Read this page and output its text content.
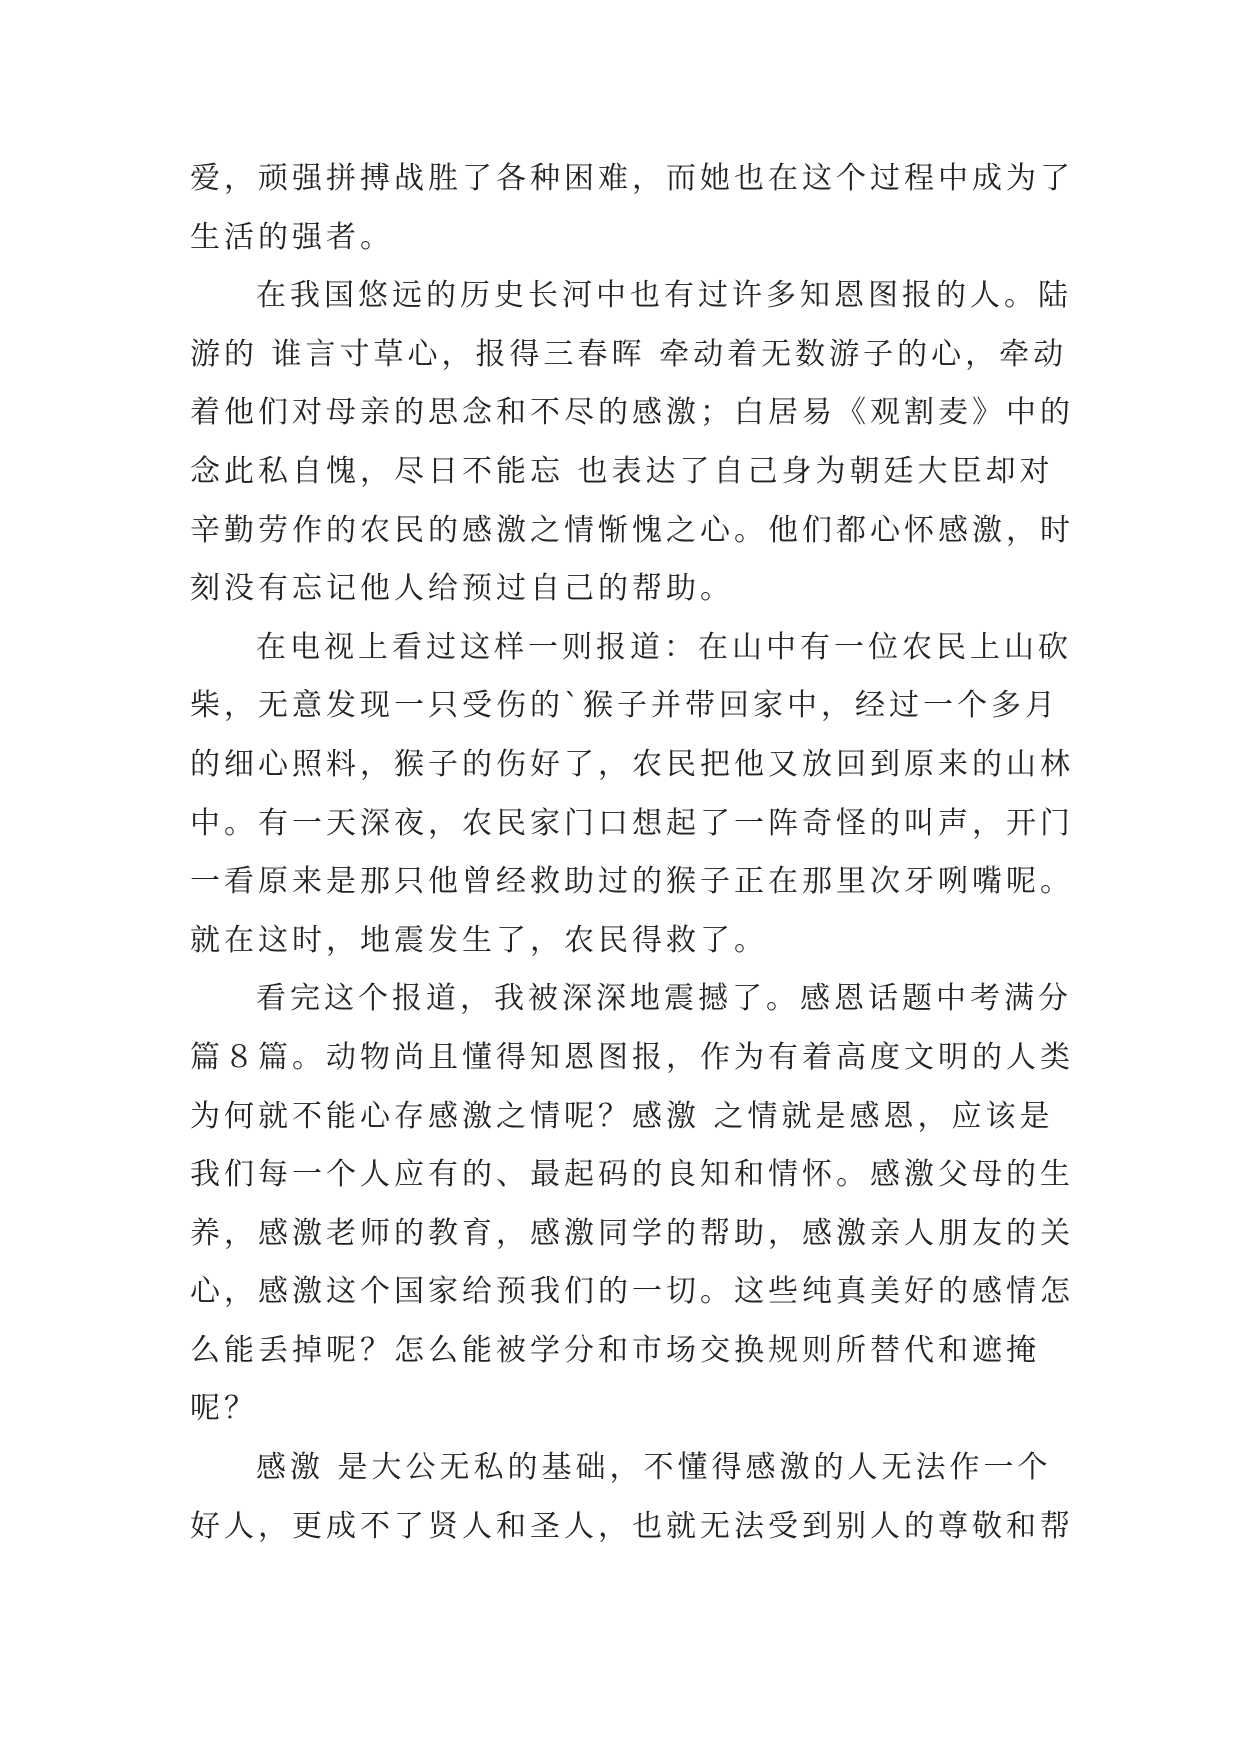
爱，顽强拼搏战胜了各种困难，而她也在这个过程中成为了
生活的强者。
在我国悠远的历史长河中也有过许多知恩图报的人。陆
游的 谁言寸草心，报得三春晖 牵动着无数游子的心，牵动
着他们对母亲的思念和不尽的感激；白居易《观割麦》中的
念此私自愧，尽日不能忘 也表达了自己身为朝廷大臣却对
辛勤劳作的农民的感激之情惭愧之心。他们都心怀感激，时
刻没有忘记他人给预过自己的帮助。
在电视上看过这样一则报道：在山中有一位农民上山砍
柴，无意发现一只受伤的`猴子并带回家中，经过一个多月
的细心照料，猴子的伤好了，农民把他又放回到原来的山林
中。有一天深夜，农民家门口想起了一阵奇怪的叫声，开门
一看原来是那只他曾经救助过的猴子正在那里次牙咧嘴呢。
就在这时，地震发生了，农民得救了。
看完这个报道，我被深深地震撼了。感恩话题中考满分
篇８篇。动物尚且懂得知恩图报，作为有着高度文明的人类
为何就不能心存感激之情呢？感激 之情就是感恩，应该是
我们每一个人应有的、最起码的良知和情怀。感激父母的生
养，感激老师的教育，感激同学的帮助，感激亲人朋友的关
心，感激这个国家给预我们的一切。这些纯真美好的感情怎
么能丢掉呢？怎么能被学分和市场交换规则所替代和遮掩
呢？
感激 是大公无私的基础，不懂得感激的人无法作一个
好人，更成不了贤人和圣人，也就无法受到别人的尊敬和帮
